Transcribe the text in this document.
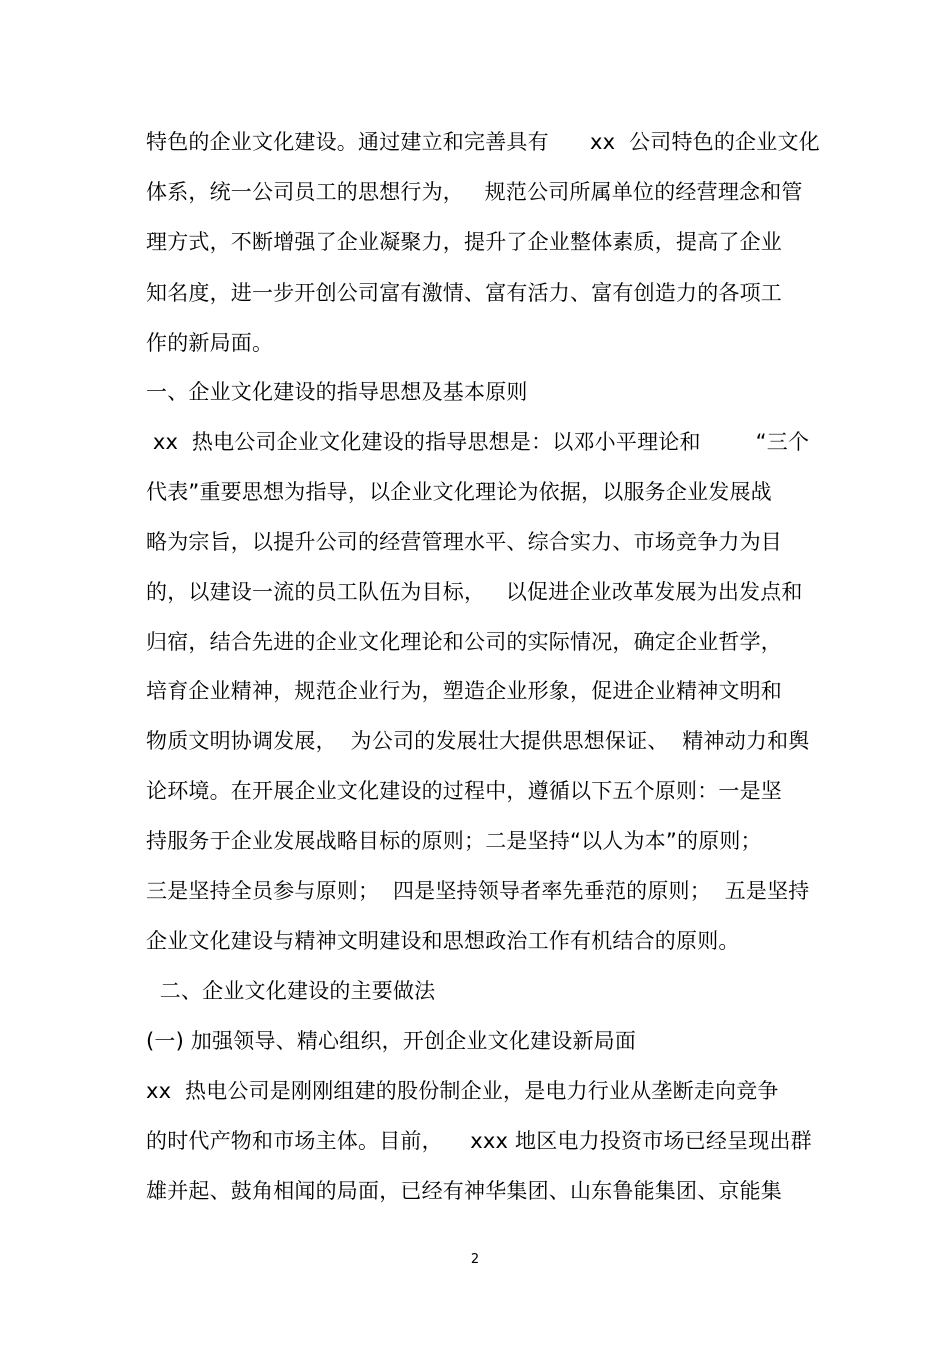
特色的企业文化建设。通过建立和完善具有      xx  公司特色的企业文化
体系，统一公司员工的思想行为，   规范公司所属单位的经营理念和管
理方式，不断增强了企业凝聚力，提升了企业整体素质，提高了企业
知名度，进一步开创公司富有激情、富有活力、富有创造力的各项工
作的新局面。
一、企业文化建设的指导思想及基本原则
xx  热电公司企业文化建设的指导思想是：以邓小平理论和        “三个
代表”重要思想为指导，以企业文化理论为依据，以服务企业发展战
略为宗旨，以提升公司的经营管理水平、综合实力、市场竞争力为目
的，以建设一流的员工队伍为目标，   以促进企业改革发展为出发点和
归宿，结合先进的企业文化理论和公司的实际情况，确定企业哲学，
培育企业精神，规范企业行为，塑造企业形象，促进企业精神文明和
物质文明协调发展，  为公司的发展壮大提供思想保证、  精神动力和舆
论环境。在开展企业文化建设的过程中，遵循以下五个原则：一是坚
持服务于企业发展战略目标的原则；二是坚持“以人为本”的原则；
三是坚持全员参与原则；  四是坚持领导者率先垂范的原则；  五是坚持
企业文化建设与精神文明建设和思想政治工作有机结合的原则。
二、企业文化建设的主要做法
(一) 加强领导、精心组织，开创企业文化建设新局面
xx  热电公司是刚刚组建的股份制企业，是电力行业从垄断走向竞争
的时代产物和市场主体。目前，    xxx 地区电力投资市场已经呈现出群
雄并起、鼓角相闻的局面，已经有神华集团、山东鲁能集团、京能集
2
